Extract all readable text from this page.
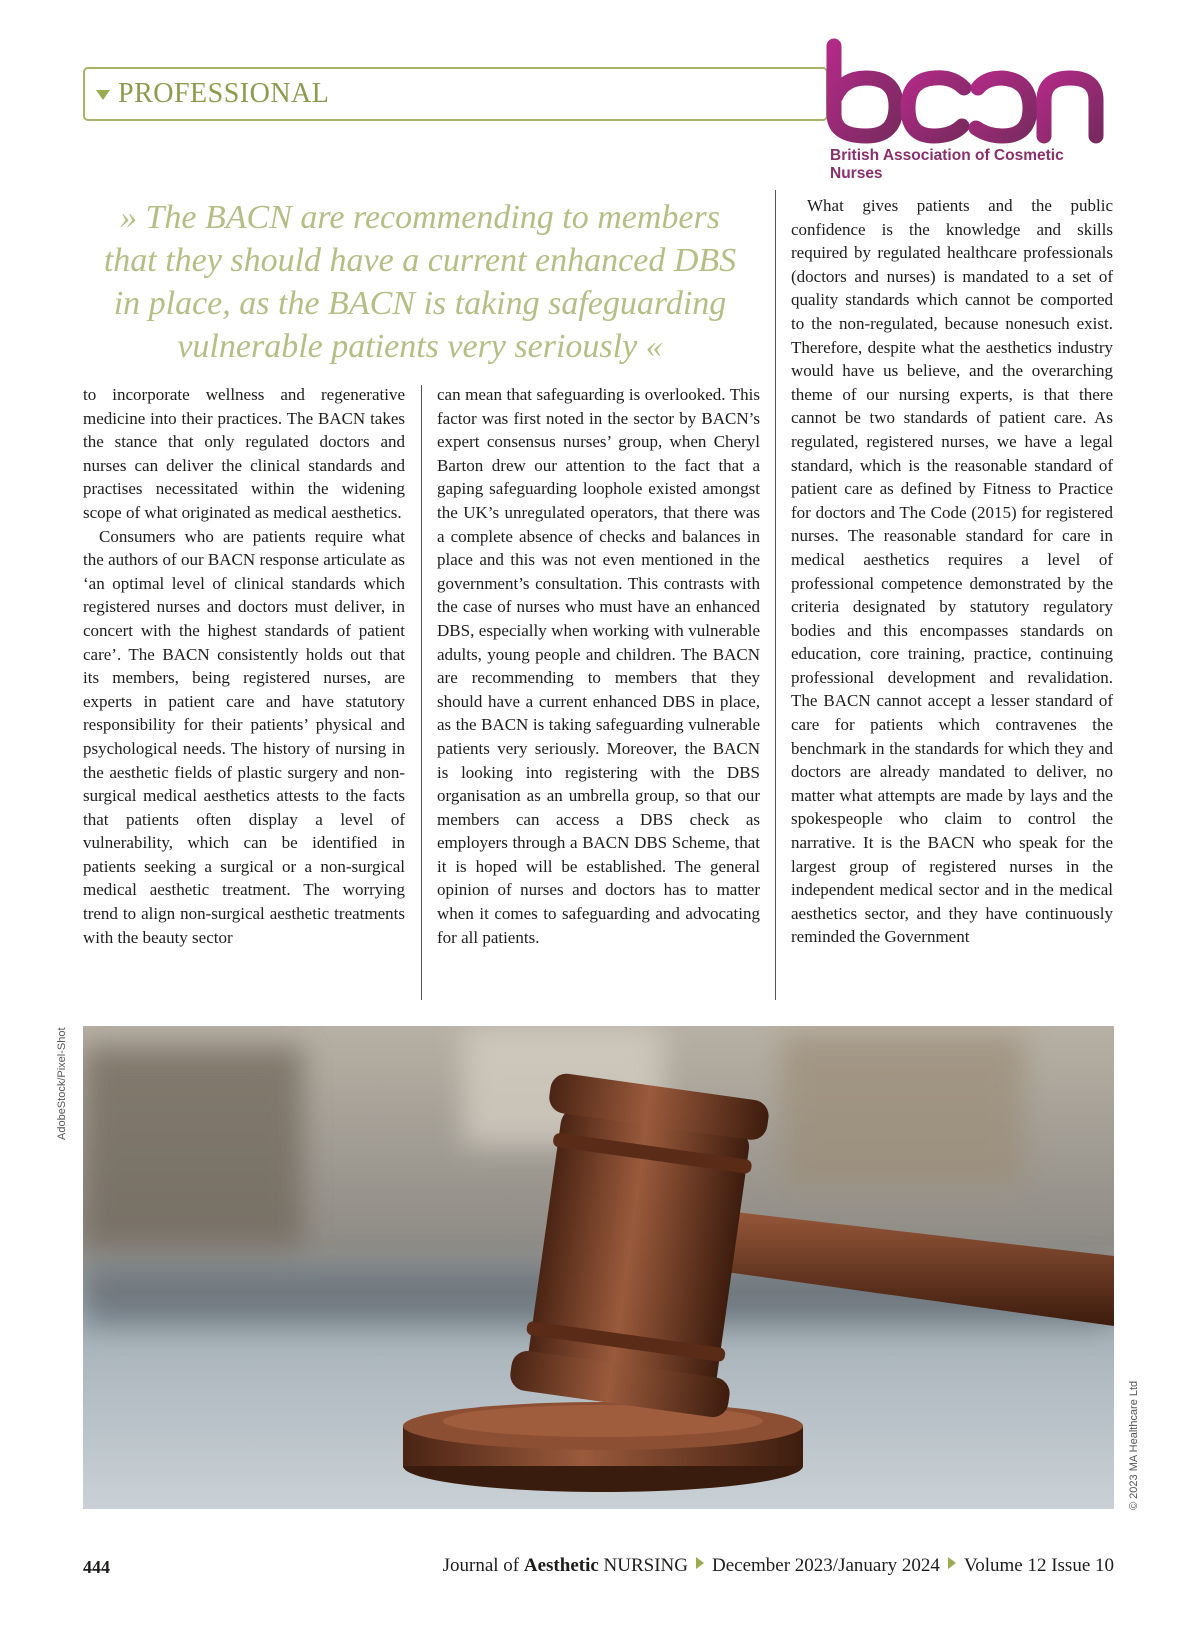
PROFESSIONAL
British Association of Cosmetic Nurses
» The BACN are recommending to members that they should have a current enhanced DBS in place, as the BACN is taking safeguarding vulnerable patients very seriously «

to incorporate wellness and regenerative medicine into their practices. The BACN takes the stance that only regulated doctors and nurses can deliver the clinical standards and practises necessitated within the widening scope of what originated as medical aesthetics.

Consumers who are patients require what the authors of our BACN response articulate as ‘an optimal level of clinical standards which registered nurses and doctors must deliver, in concert with the highest standards of patient care’. The BACN consistently holds out that its members, being registered nurses, are experts in patient care and have statutory responsibility for their patients’ physical and psychological needs. The history of nursing in the aesthetic fields of plastic surgery and non-surgical medical aesthetics attests to the facts that patients often display a level of vulnerability, which can be identified in patients seeking a surgical or a non-surgical medical aesthetic treatment. The worrying trend to align non-surgical aesthetic treatments with the beauty sector

can mean that safeguarding is overlooked. This factor was first noted in the sector by BACN’s expert consensus nurses’ group, when Cheryl Barton drew our attention to the fact that a gaping safeguarding loophole existed amongst the UK’s unregulated operators, that there was a complete absence of checks and balances in place and this was not even mentioned in the government’s consultation. This contrasts with the case of nurses who must have an enhanced DBS, especially when working with vulnerable adults, young people and children. The BACN are recommending to members that they should have a current enhanced DBS in place, as the BACN is taking safeguarding vulnerable patients very seriously. Moreover, the BACN is looking into registering with the DBS organisation as an umbrella group, so that our members can access a DBS check as employers through a BACN DBS Scheme, that it is hoped will be established. The general opinion of nurses and doctors has to matter when it comes to safeguarding and advocating for all patients.

What gives patients and the public confidence is the knowledge and skills required by regulated healthcare professionals (doctors and nurses) is mandated to a set of quality standards which cannot be comported to the non-regulated, because nonesuch exist. Therefore, despite what the aesthetics industry would have us believe, and the overarching theme of our nursing experts, is that there cannot be two standards of patient care. As regulated, registered nurses, we have a legal standard, which is the reasonable standard of patient care as defined by Fitness to Practice for doctors and The Code (2015) for registered nurses. The reasonable standard for care in medical aesthetics requires a level of professional competence demonstrated by the criteria designated by statutory regulatory bodies and this encompasses standards on education, core training, practice, continuing professional development and revalidation. The BACN cannot accept a lesser standard of care for patients which contravenes the benchmark in the standards for which they and doctors are already mandated to deliver, no matter what attempts are made by lays and the spokespeople who claim to control the narrative. It is the BACN who speak for the largest group of registered nurses in the independent medical sector and in the medical aesthetics sector, and they have continuously reminded the Government

AdobeStock/Pixel-Shot
© 2023 MA Healthcare Ltd
444	Journal of Aesthetic NURSING December 2023/January 2024 Volume 12 Issue 10
